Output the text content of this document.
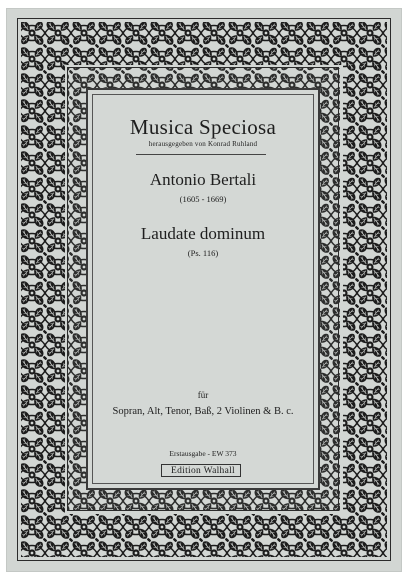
Musica Speciosa
herausgegeben von Konrad Ruhland
Antonio Bertali
(1605 - 1669)
Laudate dominum
(Ps. 116)
für
Sopran, Alt, Tenor, Baß, 2 Violinen & B. c.
Erstausgabe - EW 373
Edition Walhall
